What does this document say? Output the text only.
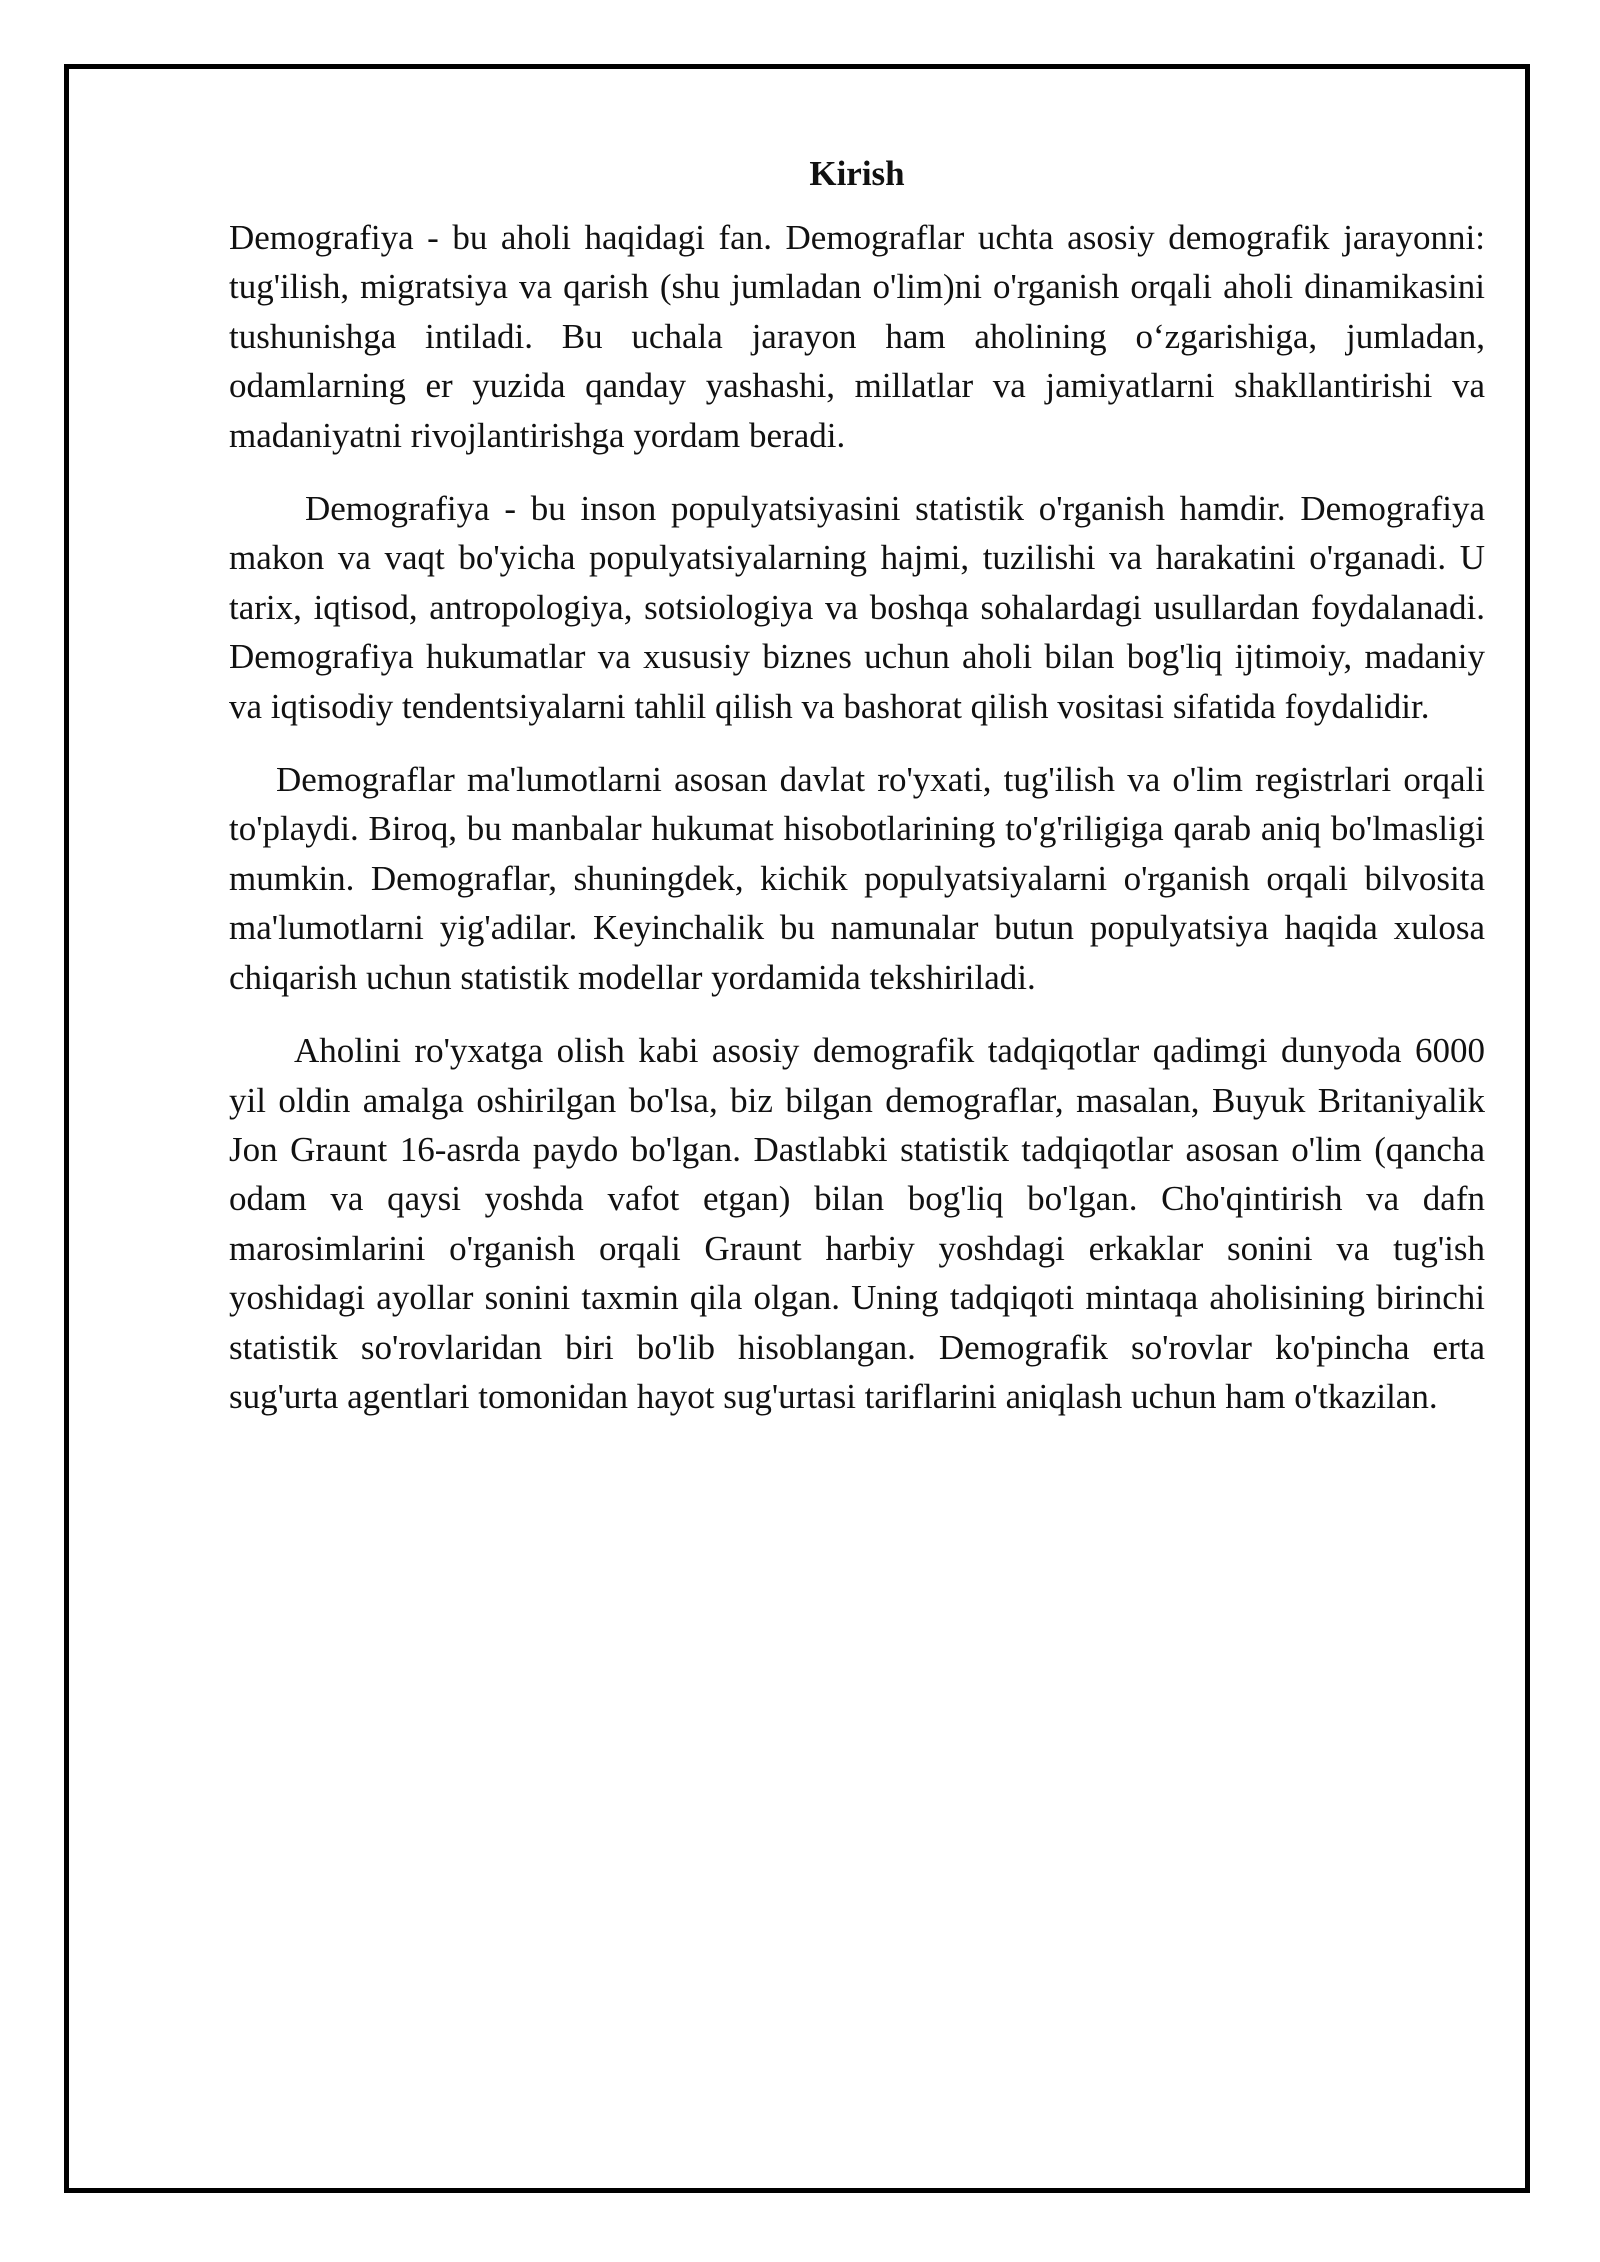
Kirish

Demografiya - bu aholi haqidagi fan. Demograflar uchta asosiy demografik jarayonni: tug'ilish, migratsiya va qarish (shu jumladan o'lim)ni o'rganish orqali aholi dinamikasini tushunishga intiladi. Bu uchala jarayon ham aholining o‘zgarishiga, jumladan, odamlarning er yuzida qanday yashashi, millatlar va jamiyatlarni shakllantirishi va madaniyatni rivojlantirishga yordam beradi.

Demografiya - bu inson populyatsiyasini statistik o'rganish hamdir. Demografiya makon va vaqt bo'yicha populyatsiyalarning hajmi, tuzilishi va harakatini o'rganadi. U tarix, iqtisod, antropologiya, sotsiologiya va boshqa sohalardagi usullardan foydalanadi. Demografiya hukumatlar va xususiy biznes uchun aholi bilan bog'liq ijtimoiy, madaniy va iqtisodiy tendentsiyalarni tahlil qilish va bashorat qilish vositasi sifatida foydalidir.

Demograflar ma'lumotlarni asosan davlat ro'yxati, tug'ilish va o'lim registrlari orqali to'playdi. Biroq, bu manbalar hukumat hisobotlarining to'g'riligiga qarab aniq bo'lmasligi mumkin. Demograflar, shuningdek, kichik populyatsiyalarni o'rganish orqali bilvosita ma'lumotlarni yig'adilar. Keyinchalik bu namunalar butun populyatsiya haqida xulosa chiqarish uchun statistik modellar yordamida tekshiriladi.

Aholini ro'yxatga olish kabi asosiy demografik tadqiqotlar qadimgi dunyoda 6000 yil oldin amalga oshirilgan bo'lsa, biz bilgan demograflar, masalan, Buyuk Britaniyalik Jon Graunt 16-asrda paydo bo'lgan. Dastlabki statistik tadqiqotlar asosan o'lim (qancha odam va qaysi yoshda vafot etgan) bilan bog'liq bo'lgan. Cho'qintirish va dafn marosimlarini o'rganish orqali Graunt harbiy yoshdagi erkaklar sonini va tug'ish yoshidagi ayollar sonini taxmin qila olgan. Uning tadqiqoti mintaqa aholisining birinchi statistik so'rovlaridan biri bo'lib hisoblangan. Demografik so'rovlar ko'pincha erta sug'urta agentlari tomonidan hayot sug'urtasi tariflarini aniqlash uchun ham o'tkazilan.
